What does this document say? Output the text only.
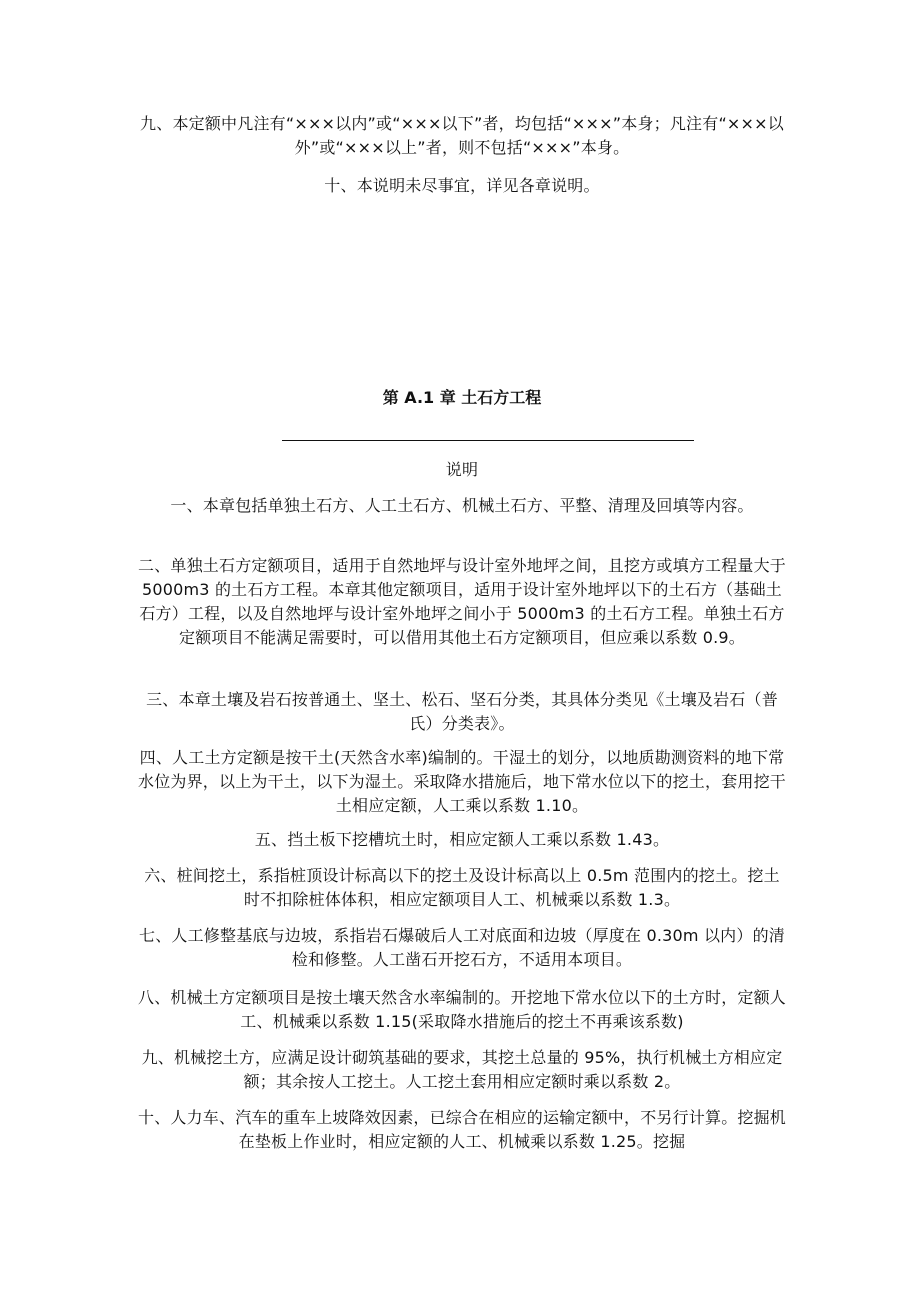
九、本定额中凡注有“×××以内”或“×××以下”者，均包括“×××”本身；凡注有“×××以外”或“×××以上”者，则不包括“×××”本身。

十、本说明未尽事宜，详见各章说明。

第 A.1 章 土石方工程

说明

一、本章包括单独土石方、人工土石方、机械土石方、平整、清理及回填等内容。

二、单独土石方定额项目，适用于自然地坪与设计室外地坪之间，且挖方或填方工程量大于 5000m3 的土石方工程。本章其他定额项目，适用于设计室外地坪以下的土石方（基础土石方）工程，以及自然地坪与设计室外地坪之间小于 5000m3 的土石方工程。单独土石方定额项目不能满足需要时，可以借用其他土石方定额项目，但应乘以系数 0.9。

三、本章土壤及岩石按普通土、坚土、松石、坚石分类，其具体分类见《土壤及岩石（普氏）分类表》。

四、人工土方定额是按干土(天然含水率)编制的。干湿土的划分，以地质勘测资料的地下常水位为界，以上为干土，以下为湿土。采取降水措施后，地下常水位以下的挖土，套用挖干土相应定额，人工乘以系数 1.10。

五、挡土板下挖槽坑土时，相应定额人工乘以系数 1.43。

六、桩间挖土，系指桩顶设计标高以下的挖土及设计标高以上 0.5m 范围内的挖土。挖土时不扣除桩体体积，相应定额项目人工、机械乘以系数 1.3。

七、人工修整基底与边坡，系指岩石爆破后人工对底面和边坡（厚度在 0.30m 以内）的清检和修整。人工凿石开挖石方，不适用本项目。

八、机械土方定额项目是按土壤天然含水率编制的。开挖地下常水位以下的土方时，定额人工、机械乘以系数 1.15(采取降水措施后的挖土不再乘该系数)

九、机械挖土方，应满足设计砌筑基础的要求，其挖土总量的 95%，执行机械土方相应定额；其余按人工挖土。人工挖土套用相应定额时乘以系数 2。

十、人力车、汽车的重车上坡降效因素，已综合在相应的运输定额中，不另行计算。挖掘机在垫板上作业时，相应定额的人工、机械乘以系数 1.25。挖掘
